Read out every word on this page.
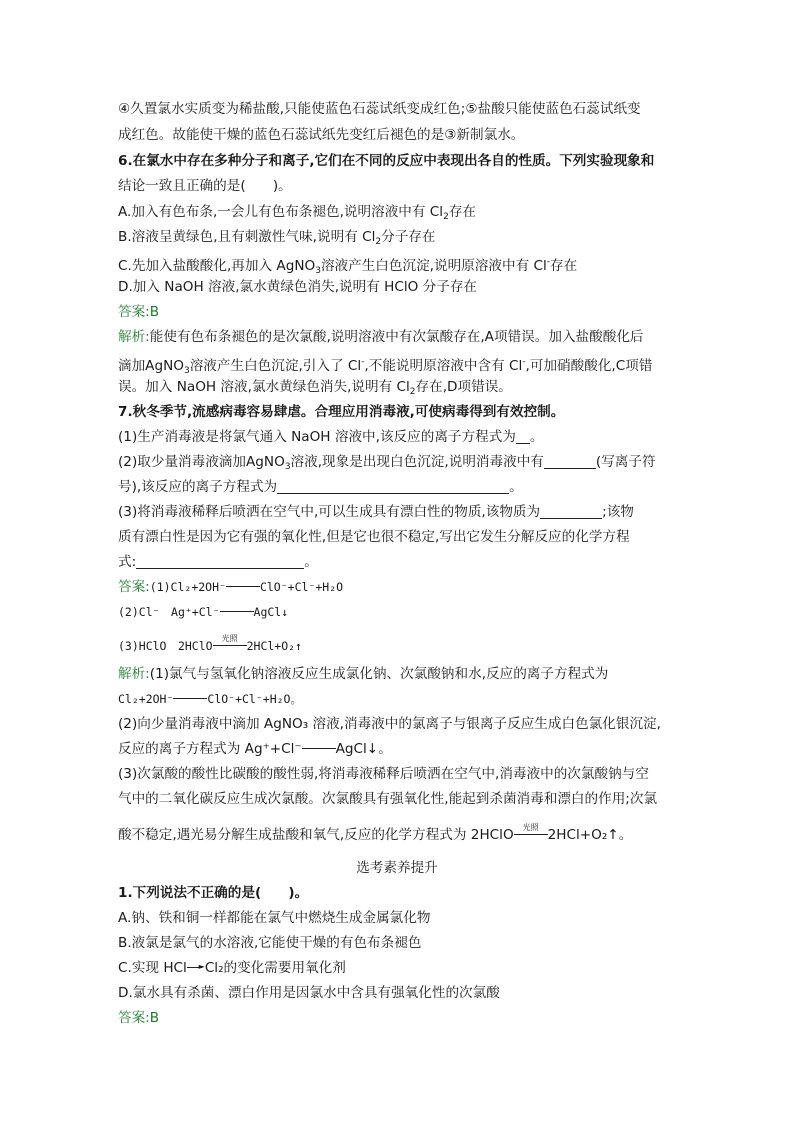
④久置氯水实质变为稀盐酸,只能使蓝色石蕊试纸变成红色;⑤盐酸只能使蓝色石蕊试纸变
成红色。故能使干燥的蓝色石蕊试纸先变红后褪色的是③新制氯水。
6.在氯水中存在多种分子和离子,它们在不同的反应中表现出各自的性质。下列实验现象和
结论一致且正确的是(　　)。
A.加入有色布条,一会儿有色布条褪色,说明溶液中有 $Cl_2$存在
B.溶液呈黄绿色,且有刺激性气味,说明有 $Cl_2$分子存在
C.先加入盐酸酸化,再加入 AgNO$_3$溶液产生白色沉淀,说明原溶液中有 Cl-存在
D.加入 NaOH 溶液,氯水黄绿色消失,说明有 HClO 分子存在
答案:B
解析:能使有色布条褪色的是次氯酸,说明溶液中有次氯酸存在,A项错误。加入盐酸酸化后
滴加AgNO$_3$溶液产生白色沉淀,引入了 Cl-,不能说明原溶液中含有 Cl-,可加硝酸酸化,C项错
误。加入 NaOH 溶液,氯水黄绿色消失,说明有 $Cl_2$存在,D项错误。
7.秋冬季节,流感病毒容易肆虐。合理应用消毒液,可使病毒得到有效控制。
(1)生产消毒液是将氯气通入 NaOH 溶液中,该反应的离子方程式为 。
(2)取少量消毒液滴加AgNO$_3$溶液,现象是出现白色沉淀,说明消毒液中有	(写离子符
号),该反应的离子方程式为	。
(3)将消毒液稀释后喷洒在空气中,可以生成具有漂白性的物质,该物质为	;该物
质有漂白性是因为它有强的氧化性,但是它也很不稳定,写出它发生分解反应的化学方程
式:	。
答案:(1)Cl₂+2OH⁻	ClO⁻+Cl⁻+H₂O
(2)Cl⁻　Ag⁺+Cl⁻	AgCl↓
(3)HClO　2HClO
光照
2HCl+O₂↑
解析:(1)氯气与氢氧化钠溶液反应生成氯化钠、次氯酸钠和水,反应的离子方程式为
Cl₂+2OH⁻	ClO⁻+Cl⁻+H₂O。
(2)向少量消毒液中滴加 AgNO₃ 溶液,消毒液中的氯离子与银离子反应生成白色氯化银沉淀,
反应的离子方程式为 Ag⁺+Cl⁻	AgCl↓。
(3)次氯酸的酸性比碳酸的酸性弱,将消毒液稀释后喷洒在空气中,消毒液中的次氯酸钠与空
气中的二氧化碳反应生成次氯酸。次氯酸具有强氧化性,能起到杀菌消毒和漂白的作用;次氯
酸不稳定,遇光易分解生成盐酸和氧气,反应的化学方程式为 2HClO	光照 2HCl+O₂↑。
选考素养提升
1.下列说法不正确的是(　　)。
A.钠、铁和铜一样都能在氯气中燃烧生成金属氯化物
B.液氯是氯气的水溶液,它能使干燥的有色布条褪色
C.实现 HCl ► Cl₂的变化需要用氧化剂
D.氯水具有杀菌、漂白作用是因氯水中含具有强氧化性的次氯酸
答案:B
